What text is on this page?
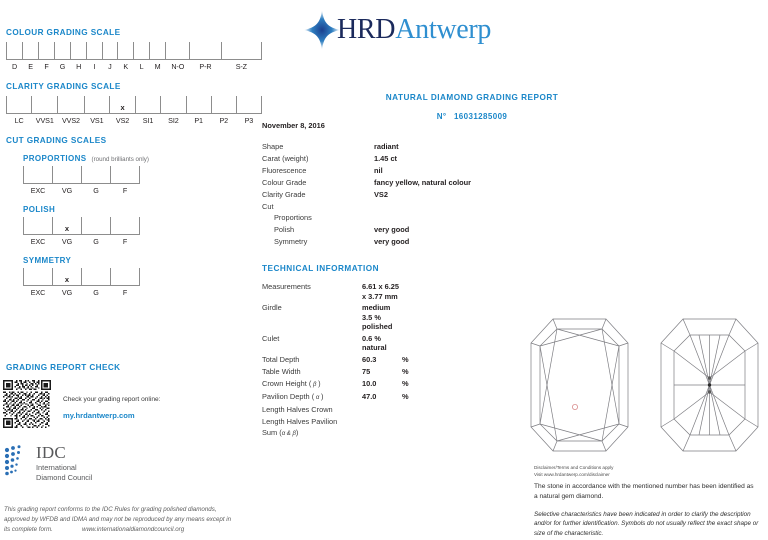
COLOUR GRADING SCALE

D	E	F	G	H	I	J	K	L	M	N-O	P-R	S-Z
CLARITY GRADING SCALE
				x					
LC	VVS1	VVS2	VS1	VS2	SI1	SI2	P1	P2	P3
CUT GRADING SCALES
PROPORTIONS (round brilliants only)

EXC	VG	G	F
POLISH
	x		
EXC	VG	G	F
SYMMETRY
	x		
EXC	VG	G	F
GRADING REPORT CHECK
Check your grading report online:
my.hrdantwerp.com
IDC
International
Diamond Council
This grading report conforms to the IDC Rules for grading polished diamonds,
approved by WFDB and IDMA and may not be reproduced by any means except in
its complete form.	www.internationaldiamondcouncil.org
HRD Antwerp
NATURAL DIAMOND GRADING REPORT
N° 16031285009
November 8, 2016
Shape	radiant
Carat (weight)	1.45 ct
Fluorescence	nil
Colour Grade	fancy yellow, natural colour
Clarity Grade	VS2
Cut	
Proportions	
Polish	very good
Symmetry	very good
TECHNICAL INFORMATION
Measurements	6.61 x 6.25 x 3.77 mm	
Girdle	medium 3.5 % polished	
Culet	0.6 % natural	
Total Depth	60.3	%
Table Width	75	%
Crown Height ( β )	10.0	%
Pavilion Depth ( α )	47.0	%
Length Halves Crown		
Length Halves Pavilion		
Sum (α & β)		
Disclaimer/Terms and Conditions apply
Visit www.hrdantwerp.com/disclaimer
The stone in accordance with the mentioned number has been identified as a natural gem diamond.
Selective characteristics have been indicated in order to clarify the description and/or for further identification. Symbols do not usually reflect the exact shape or size of the characteristic.
